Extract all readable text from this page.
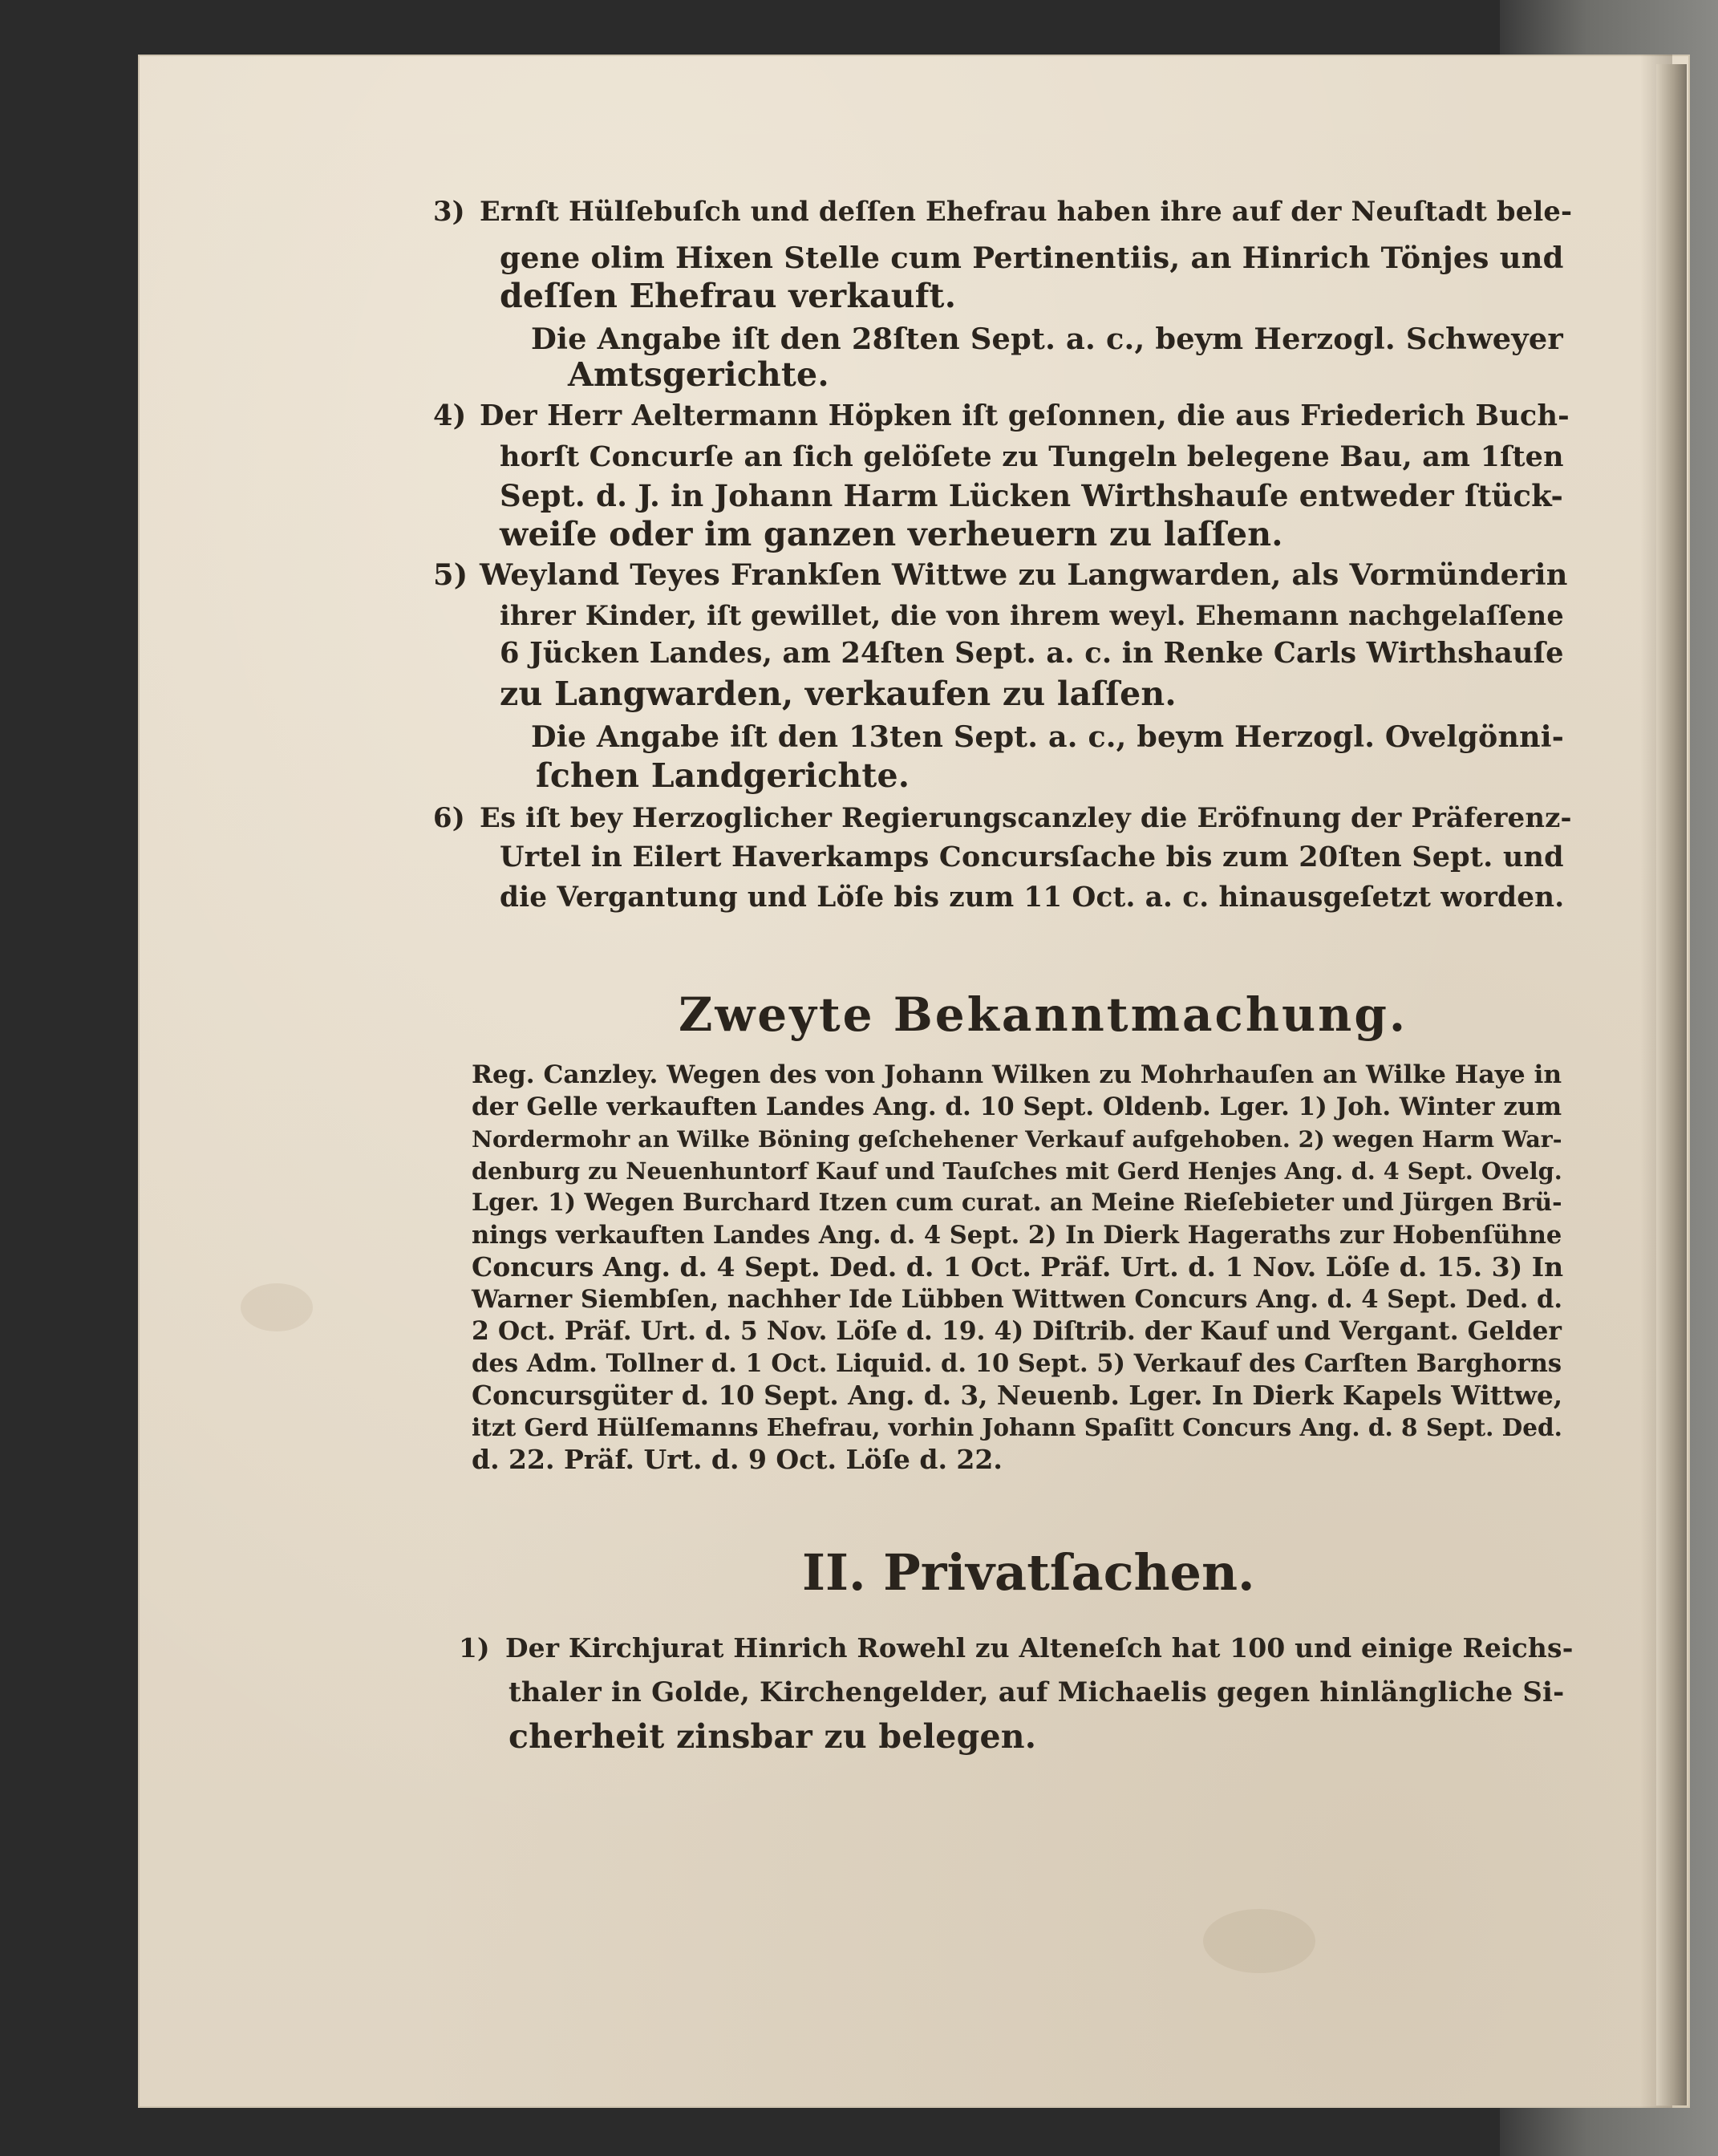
3) Ernſt Hülſebuſch und deſſen Ehefrau haben ihre auf der Neuſtadt bele-
gene olim Hixen Stelle cum Pertinentiis, an Hinrich Tönjes und
deſſen Ehefrau verkauft.
Die Angabe iſt den 28ſten Sept. a. c., beym Herzogl. Schweyer
Amtsgerichte.
4) Der Herr Aeltermann Höpken iſt geſonnen, die aus Friederich Buch-
horſt Concurſe an ſich gelöſete zu Tungeln belegene Bau, am 1ſten
Sept. d. J. in Johann Harm Lücken Wirthshauſe entweder ſtück-
weiſe oder im ganzen verheuern zu laſſen.
5) Weyland Teyes Frankſen Wittwe zu Langwarden, als Vormünderin
ihrer Kinder, iſt gewillet, die von ihrem weyl. Ehemann nachgelaſſene
6 Jücken Landes, am 24ſten Sept. a. c. in Renke Carls Wirthshauſe
zu Langwarden, verkaufen zu laſſen.
Die Angabe iſt den 13ten Sept. a. c., beym Herzogl. Ovelgönni-
ſchen Landgerichte.
6) Es iſt bey Herzoglicher Regierungscanzley die Eröfnung der Präferenz-
Urtel in Eilert Haverkamps Concursſache bis zum 20ſten Sept. und
die Vergantung und Löſe bis zum 11 Oct. a. c. hinausgeſetzt worden.
Zweyte Bekanntmachung.
Reg. Canzley. Wegen des von Johann Wilken zu Mohrhauſen an Wilke Haye in
der Gelle verkauften Landes Ang. d. 10 Sept. Oldenb. Lger. 1) Joh. Winter zum
Nordermohr an Wilke Böning geſchehener Verkauf aufgehoben. 2) wegen Harm War-
denburg zu Neuenhuntorf Kauf und Tauſches mit Gerd Henjes Ang. d. 4 Sept. Ovelg.
Lger. 1) Wegen Burchard Itzen cum curat. an Meine Rieſebieter und Jürgen Brü-
nings verkauften Landes Ang. d. 4 Sept. 2) In Dierk Hageraths zur Hobenſühne
Concurs Ang. d. 4 Sept. Ded. d. 1 Oct. Präf. Urt. d. 1 Nov. Löſe d. 15. 3) In
Warner Siembſen, nachher Ide Lübben Wittwen Concurs Ang. d. 4 Sept. Ded. d.
2 Oct. Präf. Urt. d. 5 Nov. Löſe d. 19. 4) Diſtrib. der Kauf und Vergant. Gelder
des Adm. Tollner d. 1 Oct. Liquid. d. 10 Sept. 5) Verkauf des Carſten Barghorns
Concursgüter d. 10 Sept. Ang. d. 3, Neuenb. Lger. In Dierk Kapels Wittwe,
itzt Gerd Hülſemanns Ehefrau, vorhin Johann Spaſitt Concurs Ang. d. 8 Sept. Ded.
d. 22. Präf. Urt. d. 9 Oct. Löſe d. 22.
II. Privatſachen.
1) Der Kirchjurat Hinrich Rowehl zu Alteneſch hat 100 und einige Reichs-
thaler in Golde, Kirchengelder, auf Michaelis gegen hinlängliche Si-
cherheit zinsbar zu belegen.
